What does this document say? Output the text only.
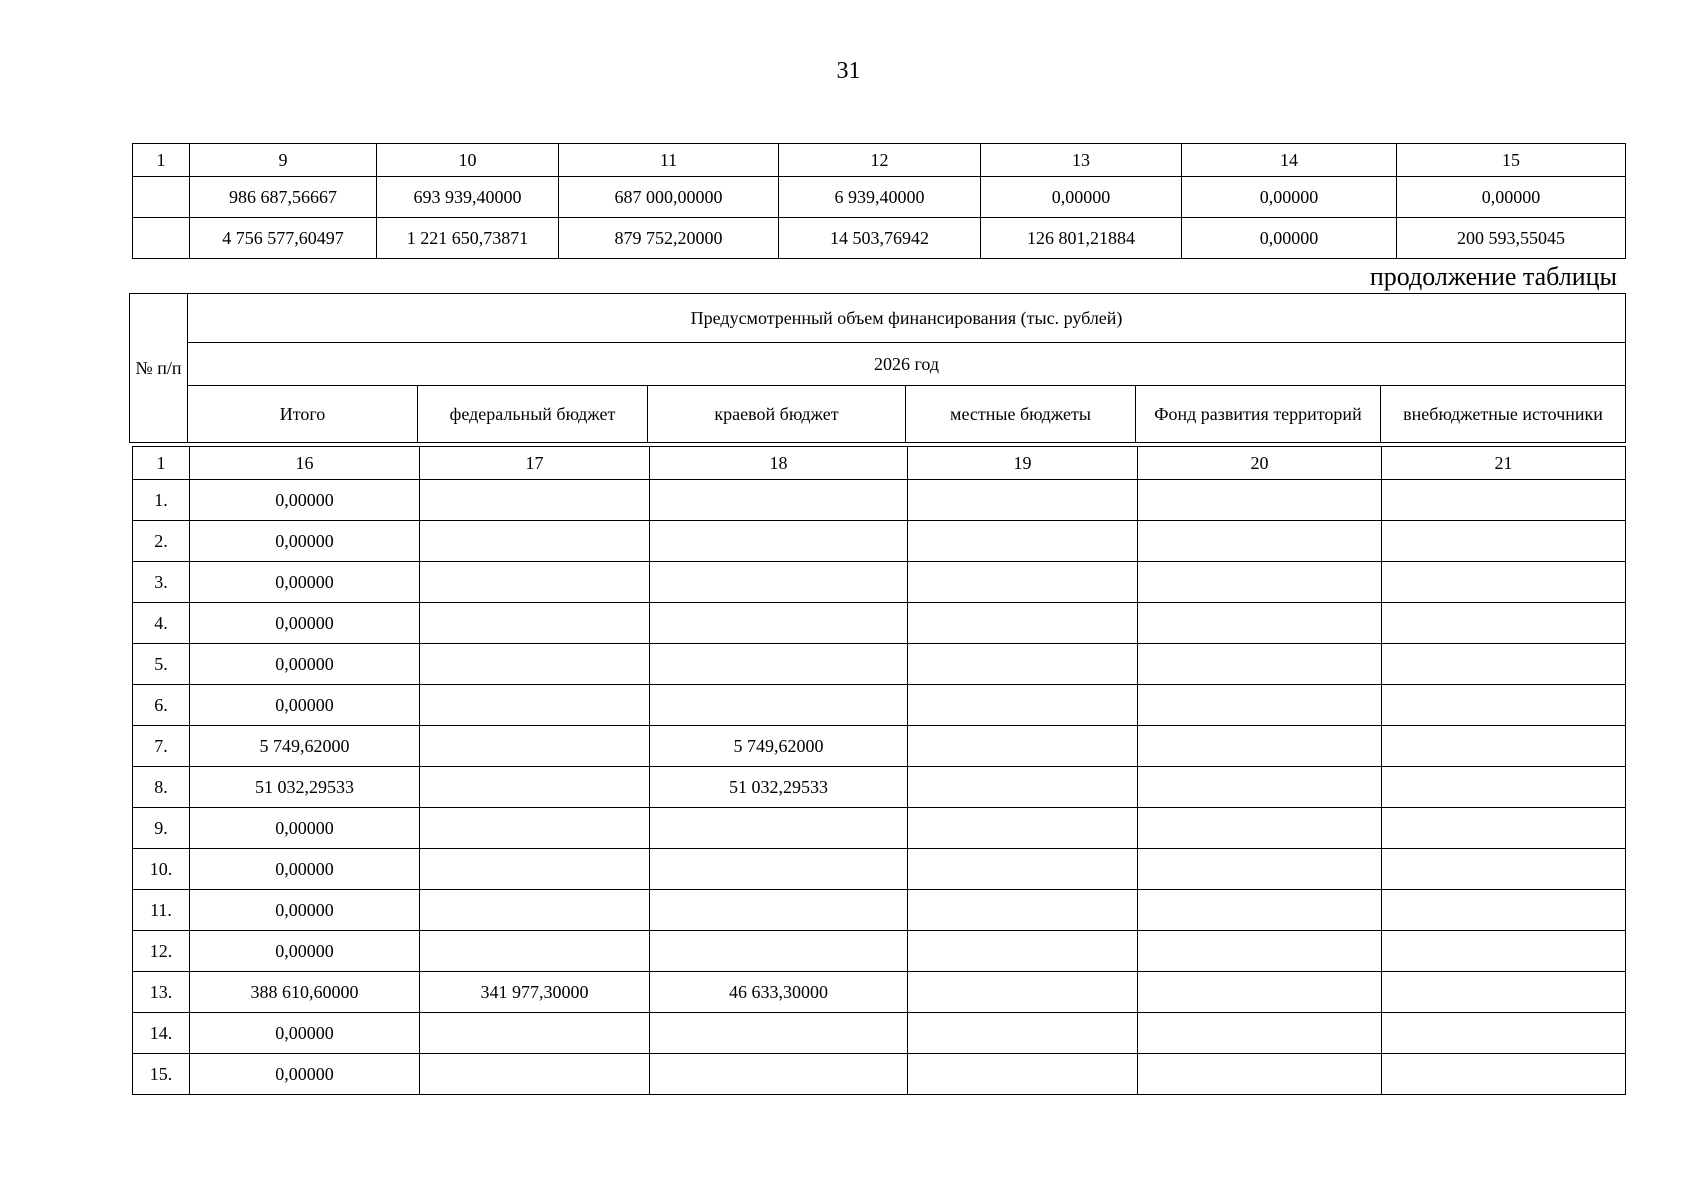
31
1	9	10	11	12	13	14	15
	986 687,56667	693 939,40000	687 000,00000	6 939,40000	0,00000	0,00000	0,00000
	4 756 577,60497	1 221 650,73871	879 752,20000	14 503,76942	126 801,21884	0,00000	200 593,55045
продолжение таблицы
№ п/п	Предусмотренный объем финансирования (тыс. рублей)					
	2026 год					
	Итого	федеральный бюджет	краевой бюджет	местные бюджеты	Фонд развития территорий	внебюджетные источники
1	16	17	18	19	20	21
1.	0,00000					
2.	0,00000					
3.	0,00000					
4.	0,00000					
5.	0,00000					
6.	0,00000					
7.	5 749,62000		5 749,62000			
8.	51 032,29533		51 032,29533			
9.	0,00000					
10.	0,00000					
11.	0,00000					
12.	0,00000					
13.	388 610,60000	341 977,30000	46 633,30000			
14.	0,00000					
15.	0,00000					
